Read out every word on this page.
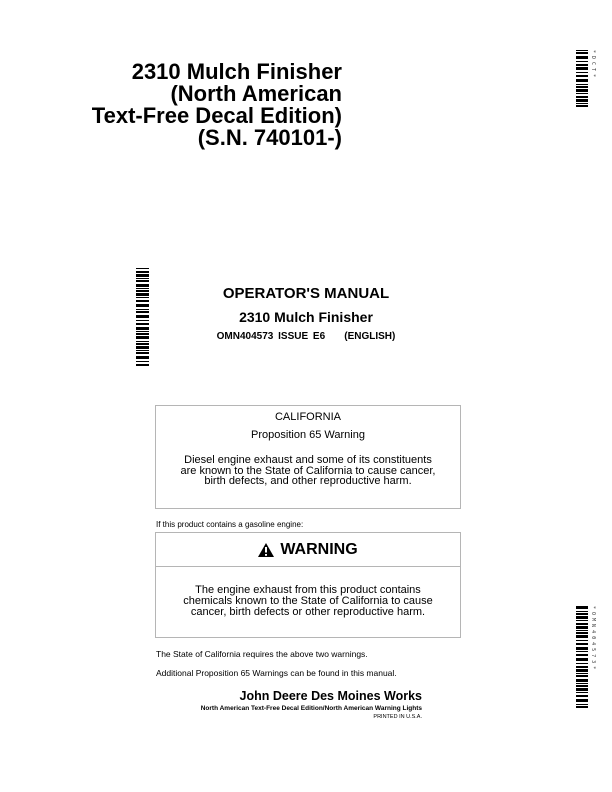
2310 Mulch Finisher
(North American
Text-Free Decal Edition)
(S.N. 740101-)
* D C T *
OPERATOR'S MANUAL
2310 Mulch Finisher
OMN404573 ISSUE E6    (ENGLISH)
CALIFORNIA
Proposition 65 Warning
Diesel engine exhaust and some of its constituents
are known to the State of California to cause cancer,
birth defects, and other reproductive harm.
If this product contains a gasoline engine:
WARNING
The engine exhaust from this product contains
chemicals known to the State of California to cause
cancer, birth defects or other reproductive harm.
The State of California requires the above two warnings.
Additional Proposition 65 Warnings can be found in this manual.
John Deere Des Moines Works
North American Text-Free Decal Edition/North American Warning Lights
PRINTED IN U.S.A.
* O M N 4 0 4 5 7 3 *
